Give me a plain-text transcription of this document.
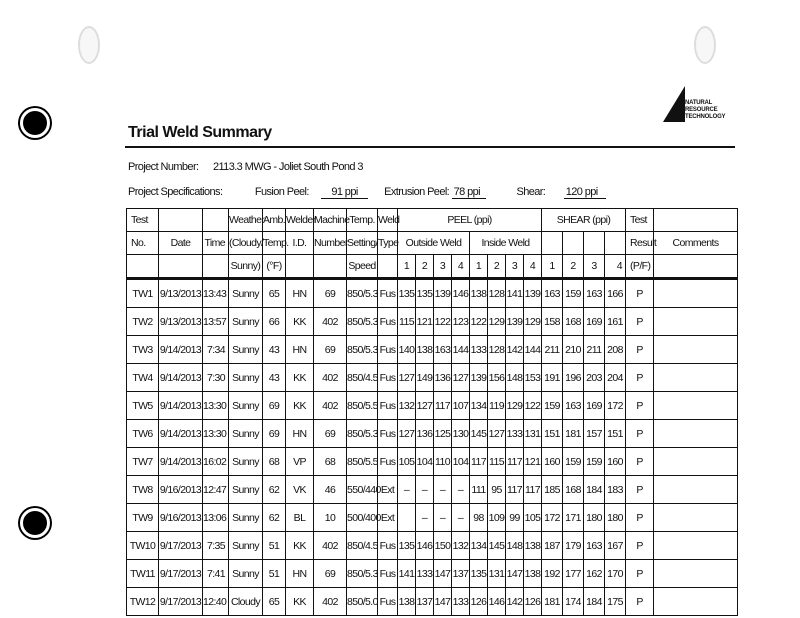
NATURAL
RESOURCE
TECHNOLOGY
Trial Weld Summary
Project Number: 2113.3 MWG - Joliet South Pond 3
Project Specifications:	Fusion Peel: 91 ppi Extrusion Peel: 78 ppi	Shear: 120 ppi
Test			Weather	Amb.	Welder	Machine	Temp.	Weld	PEEL (ppi)								SHEAR (ppi)				Test	
No.	Date	Time	(Cloudy/	Temp.	I.D.	Number	Setting/	Type	Outside Weld				Inside Weld								Result	Comments
			Sunny)	(°F)			Speed		1	2	3	4	1	2	3	4	1	2	3	4	(P/F)	
TW1	9/13/2013	13:43	Sunny	65	HN	69	850/5.3	Fus	135	135	139	146	138	128	141	139	163	159	163	166	P	
TW2	9/13/2013	13:57	Sunny	66	KK	402	850/5.3	Fus	115	121	122	123	122	129	139	129	158	168	169	161	P	
TW3	9/14/2013	7:34	Sunny	43	HN	69	850/5.3	Fus	140	138	163	144	133	128	142	144	211	210	211	208	P	
TW4	9/14/2013	7:30	Sunny	43	KK	402	850/4.5	Fus	127	149	136	127	139	156	148	153	191	196	203	204	P	
TW5	9/14/2013	13:30	Sunny	69	KK	402	850/5.5	Fus	132	127	117	107	134	119	129	122	159	163	169	172	P	
TW6	9/14/2013	13:30	Sunny	69	HN	69	850/5.3	Fus	127	136	125	130	145	127	133	131	151	181	157	151	P	
TW7	9/14/2013	16:02	Sunny	68	VP	68	850/5.5	Fus	105	104	110	104	117	115	117	121	160	159	159	160	P	
TW8	9/16/2013	12:47	Sunny	62	VK	46	550/440	Ext	–	–	–	–	111	95	117	117	185	168	184	183	P	
TW9	9/16/2013	13:06	Sunny	62	BL	10	500/400	Ext		–	–	–	98	109	99	105	172	171	180	180	P	
TW10	9/17/2013	7:35	Sunny	51	KK	402	850/4.5	Fus	135	146	150	132	134	145	148	138	187	179	163	167	P	
TW11	9/17/2013	7:41	Sunny	51	HN	69	850/5.3	Fus	141	133	147	137	135	131	147	138	192	177	162	170	P	
TW12	9/17/2013	12:40	Cloudy	65	KK	402	850/5.0	Fus	138	137	147	133	126	146	142	126	181	174	184	175	P	
